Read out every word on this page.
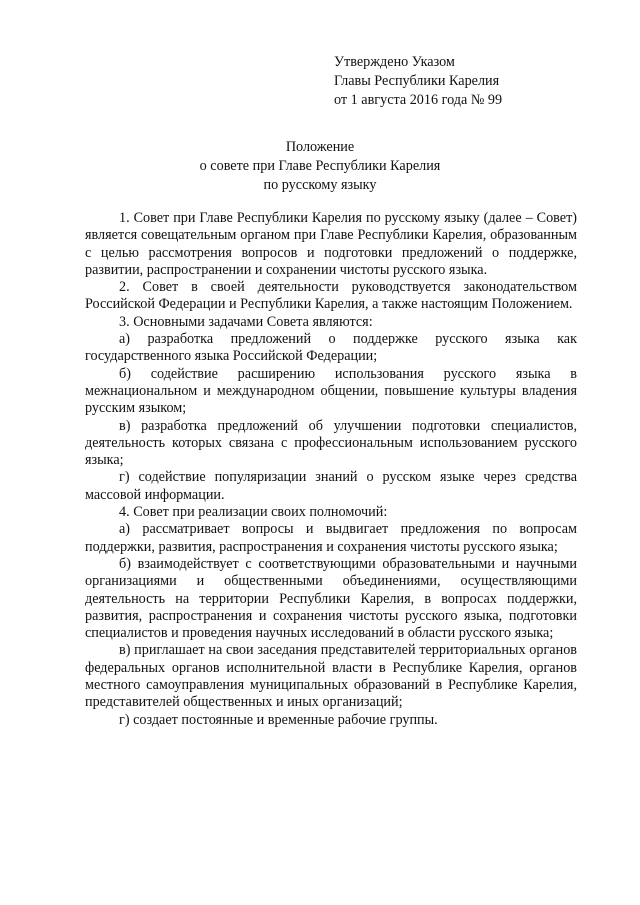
Утверждено Указом
Главы Республики Карелия
от 1 августа 2016 года № 99
Положение
о совете при Главе Республики Карелия
по русскому языку

1. Совет при Главе Республики Карелия по русскому языку (далее – Совет) является совещательным органом при Главе Республики Карелия, образованным с целью рассмотрения вопросов и подготовки предложений о поддержке, развитии, распространении и сохранении чистоты русского языка.

2. Совет в своей деятельности руководствуется законодательством Российской Федерации и Республики Карелия, а также настоящим Положением.

3. Основными задачами Совета являются:

а) разработка предложений о поддержке русского языка как государственного языка Российской Федерации;

б) содействие расширению использования русского языка в межнациональном и международном общении, повышение культуры владения русским языком;

в) разработка предложений об улучшении подготовки специалистов, деятельность которых связана с профессиональным использованием русского языка;

г) содействие популяризации знаний о русском языке через средства массовой информации.

4. Совет при реализации своих полномочий:

а) рассматривает вопросы и выдвигает предложения по вопросам поддержки, развития, распространения и сохранения чистоты русского языка;

б) взаимодействует с соответствующими образовательными и научными организациями и общественными объединениями, осуществляющими деятельность на территории Республики Карелия, в вопросах поддержки, развития, распространения и сохранения чистоты русского языка, подготовки специалистов и проведения научных исследований в области русского языка;

в) приглашает на свои заседания представителей территориальных органов федеральных органов исполнительной власти в Республике Карелия, органов местного самоуправления муниципальных образований в Республике Карелия, представителей общественных и иных организаций;

г) создает постоянные и временные рабочие группы.
